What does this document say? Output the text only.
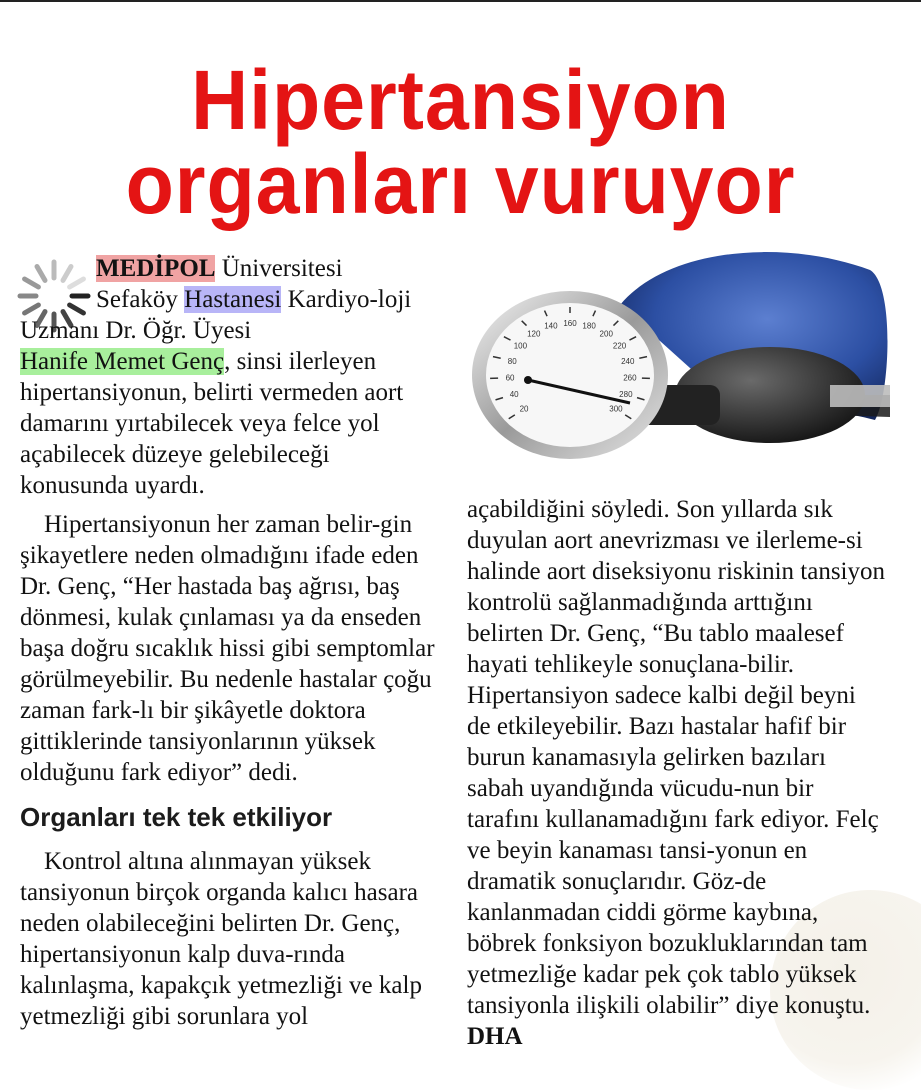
Hipertansiyon
organları vuruyor
20
40
60
80
100
120
140 160 180
200
220
240
260
280
300

MEDİPOL Üniversitesi
Sefaköy Hastanesi Kardiyo-loji Uzmanı Dr. Öğr. Üyesi
Hanife Memet Genç, sinsi ilerleyen hipertansiyonun, belirti vermeden aort damarını yırtabilecek veya felce yol açabilecek düzeye gelebileceği konusunda uyardı.

Hipertansiyonun her zaman belir-gin şikayetlere neden olmadığını ifade eden Dr. Genç, “Her hastada baş ağrısı, baş dönmesi, kulak çınlaması ya da enseden başa doğru sıcaklık hissi gibi semptomlar görülmeyebilir. Bu nedenle hastalar çoğu zaman fark-lı bir şikâyetle doktora gittiklerinde tansiyonlarının yüksek olduğunu fark ediyor” dedi.

Organları tek tek etkiliyor

Kontrol altına alınmayan yüksek tansiyonun birçok organda kalıcı hasara neden olabileceğini belirten Dr. Genç, hipertansiyonun kalp duva-rında kalınlaşma, kapakçık yetmezliği ve kalp yetmezliği gibi sorunlara yol

açabildiğini söyledi. Son yıllarda sık duyulan aort anevrizması ve ilerleme-si halinde aort diseksiyonu riskinin tansiyon kontrolü sağlanmadığında arttığını belirten Dr. Genç, “Bu tablo maalesef hayati tehlikeyle sonuçlana-bilir. Hipertansiyon sadece kalbi değil beyni de etkileyebilir. Bazı hastalar hafif bir burun kanamasıyla gelirken bazıları sabah uyandığında vücudu-nun bir tarafını kullanamadığını fark ediyor. Felç ve beyin kanaması tansi-yonun en dramatik sonuçlarıdır. Göz-de kanlanmadan ciddi görme kaybına, böbrek fonksiyon bozukluklarından tam yetmezliğe kadar pek çok tablo yüksek tansiyonla ilişkili olabilir” diye konuştu. DHA
